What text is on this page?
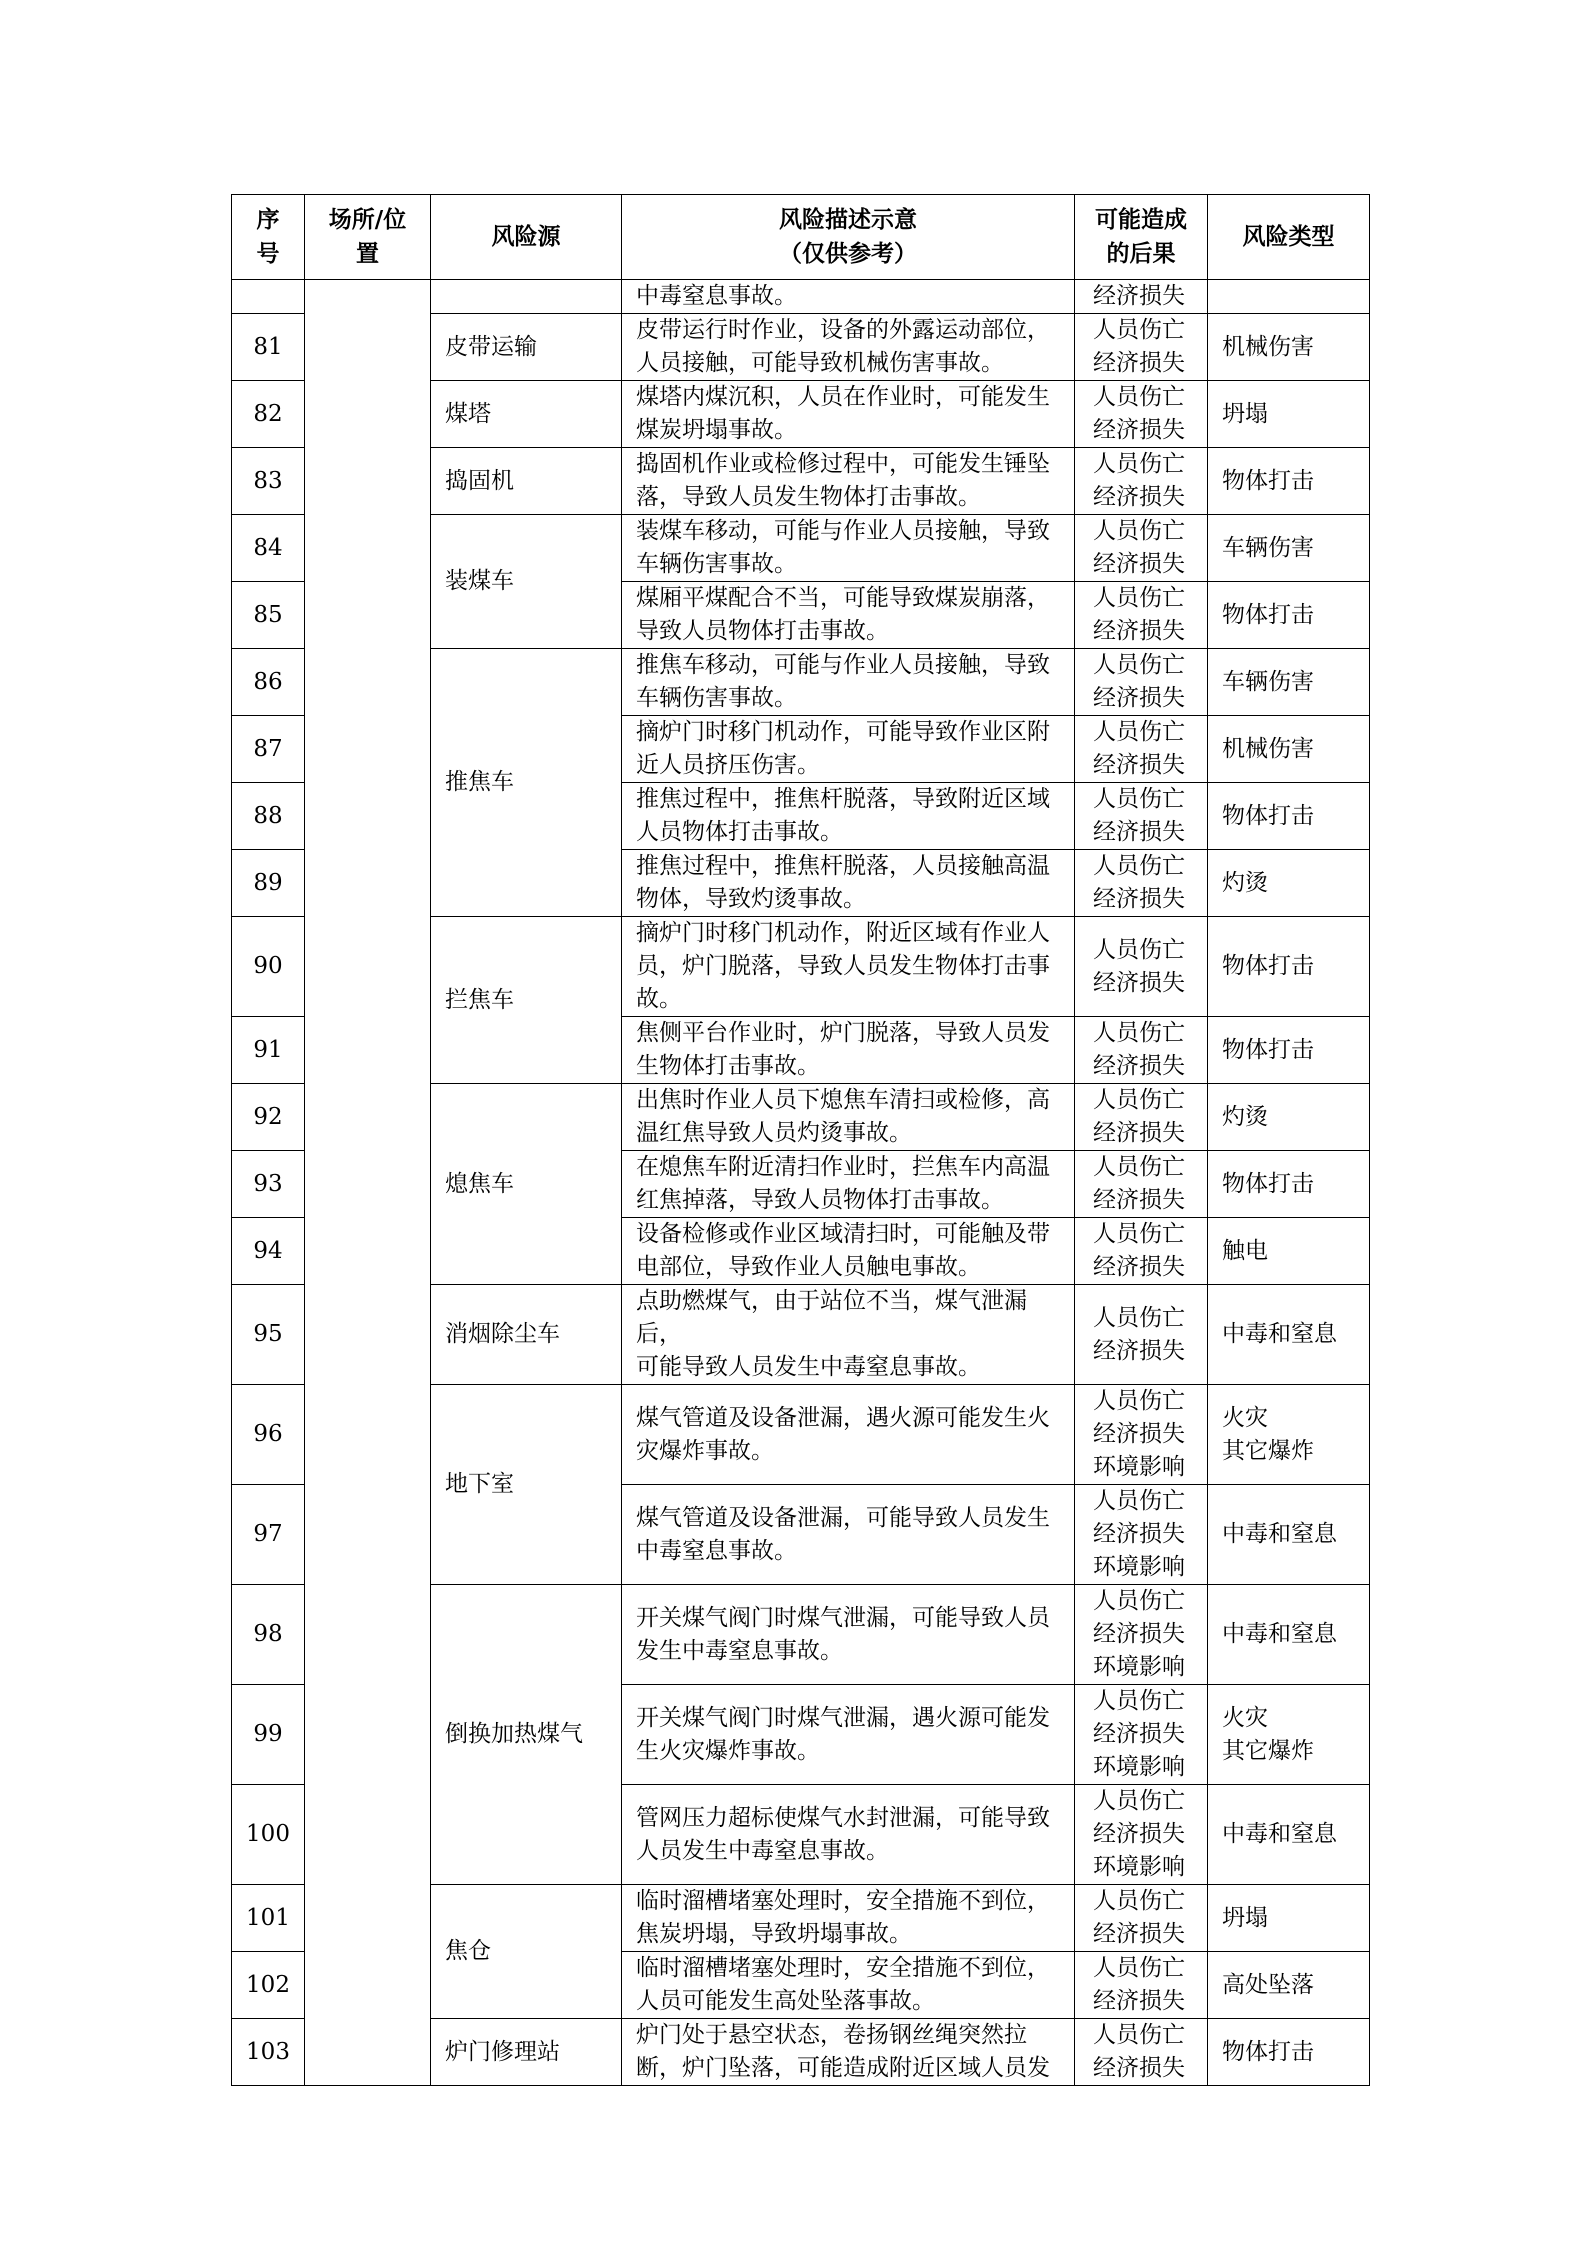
序
号	场所/位
置	风险源	风险描述示意
（仅供参考）	可能造成
的后果	风险类型
			中毒窒息事故。	经济损失	
81		皮带运输	皮带运行时作业，设备的外露运动部位，
人员接触，可能导致机械伤害事故。	人员伤亡
经济损失	机械伤害
82		煤塔	煤塔内煤沉积，人员在作业时，可能发生
煤炭坍塌事故。	人员伤亡
经济损失	坍塌
83		捣固机	捣固机作业或检修过程中，可能发生锤坠
落，导致人员发生物体打击事故。	人员伤亡
经济损失	物体打击
84		装煤车	装煤车移动，可能与作业人员接触，导致
车辆伤害事故。	人员伤亡
经济损失	车辆伤害
85			煤厢平煤配合不当，可能导致煤炭崩落，
导致人员物体打击事故。	人员伤亡
经济损失	物体打击
86		推焦车	推焦车移动，可能与作业人员接触，导致
车辆伤害事故。	人员伤亡
经济损失	车辆伤害
87			摘炉门时移门机动作，可能导致作业区附
近人员挤压伤害。	人员伤亡
经济损失	机械伤害
88			推焦过程中，推焦杆脱落，导致附近区域
人员物体打击事故。	人员伤亡
经济损失	物体打击
89			推焦过程中，推焦杆脱落，人员接触高温
物体，导致灼烫事故。	人员伤亡
经济损失	灼烫
90		拦焦车	摘炉门时移门机动作，附近区域有作业人
员，炉门脱落，导致人员发生物体打击事
故。	人员伤亡
经济损失	物体打击
91			焦侧平台作业时，炉门脱落，导致人员发
生物体打击事故。	人员伤亡
经济损失	物体打击
92		熄焦车	出焦时作业人员下熄焦车清扫或检修，高
温红焦导致人员灼烫事故。	人员伤亡
经济损失	灼烫
93			在熄焦车附近清扫作业时，拦焦车内高温
红焦掉落，导致人员物体打击事故。	人员伤亡
经济损失	物体打击
94			设备检修或作业区域清扫时，可能触及带
电部位，导致作业人员触电事故。	人员伤亡
经济损失	触电
95		消烟除尘车	点助燃煤气，由于站位不当，煤气泄漏后，
可能导致人员发生中毒窒息事故。	人员伤亡
经济损失	中毒和窒息
96		地下室	煤气管道及设备泄漏，遇火源可能发生火
灾爆炸事故。	人员伤亡
经济损失
环境影响	火灾
其它爆炸
97			煤气管道及设备泄漏，可能导致人员发生
中毒窒息事故。	人员伤亡
经济损失
环境影响	中毒和窒息
98		倒换加热煤气	开关煤气阀门时煤气泄漏，可能导致人员
发生中毒窒息事故。	人员伤亡
经济损失
环境影响	中毒和窒息
99			开关煤气阀门时煤气泄漏，遇火源可能发
生火灾爆炸事故。	人员伤亡
经济损失
环境影响	火灾
其它爆炸
100			管网压力超标使煤气水封泄漏，可能导致
人员发生中毒窒息事故。	人员伤亡
经济损失
环境影响	中毒和窒息
101		焦仓	临时溜槽堵塞处理时，安全措施不到位，
焦炭坍塌，导致坍塌事故。	人员伤亡
经济损失	坍塌
102			临时溜槽堵塞处理时，安全措施不到位，
人员可能发生高处坠落事故。	人员伤亡
经济损失	高处坠落
103		炉门修理站	炉门处于悬空状态，卷扬钢丝绳突然拉
断，炉门坠落，可能造成附近区域人员发	人员伤亡
经济损失	物体打击
